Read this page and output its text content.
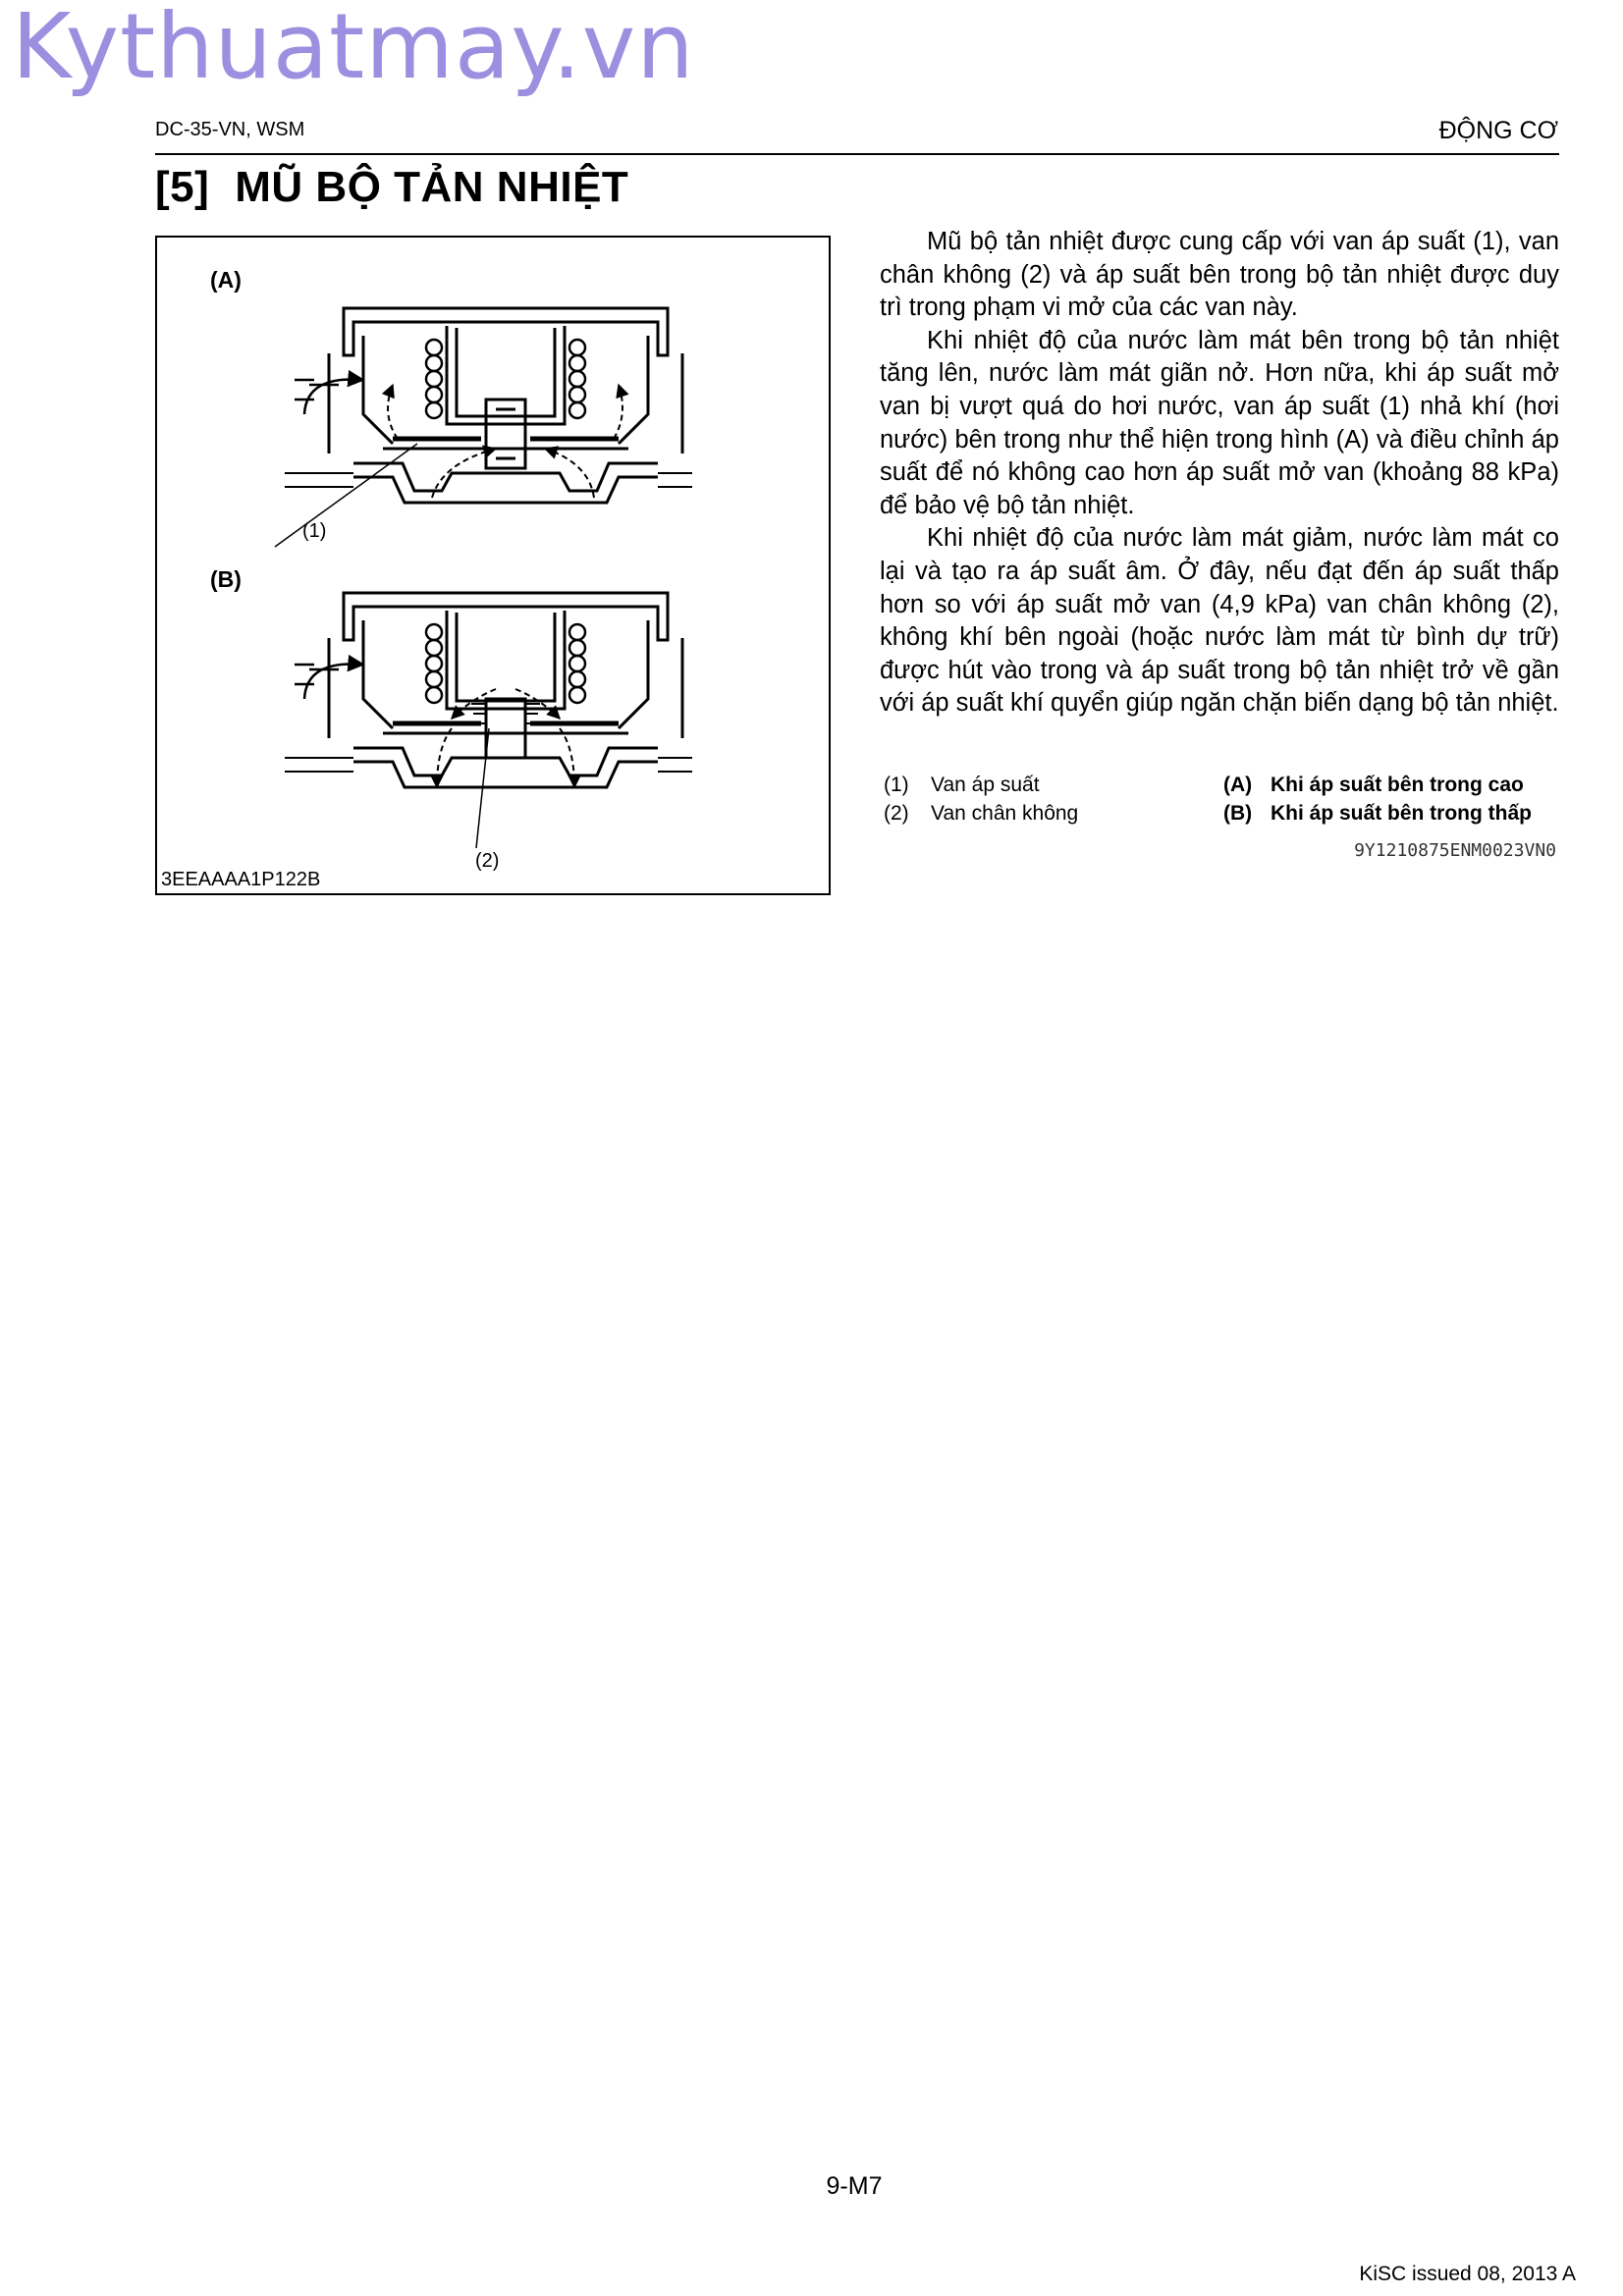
Kythuatmay.vn
DC-35-VN, WSM	ĐỘNG CƠ
[5] MŨ BỘ TẢN NHIỆT
(A)
(B)
(1)
(2)
3EEAAAA1P122B

Mũ bộ tản nhiệt được cung cấp với van áp suất (1), van chân không (2) và áp suất bên trong bộ tản nhiệt được duy trì trong phạm vi mở của các van này.

Khi nhiệt độ của nước làm mát bên trong bộ tản nhiệt tăng lên, nước làm mát giãn nở. Hơn nữa, khi áp suất mở van bị vượt quá do hơi nước, van áp suất (1) nhả khí (hơi nước) bên trong như thể hiện trong hình (A) và điều chỉnh áp suất để nó không cao hơn áp suất mở van (khoảng 88 kPa) để bảo vệ bộ tản nhiệt.

Khi nhiệt độ của nước làm mát giảm, nước làm mát co lại và tạo ra áp suất âm. Ở đây, nếu đạt đến áp suất thấp hơn so với áp suất mở van (4,9 kPa) van chân không (2), không khí bên ngoài (hoặc nước làm mát từ bình dự trữ) được hút vào trong và áp suất trong bộ tản nhiệt trở về gần với áp suất khí quyển giúp ngăn chặn biến dạng bộ tản nhiệt.

(1) Van áp suất
(2) Van chân không
(A) Khi áp suất bên trong cao
(B) Khi áp suất bên trong thấp
9Y1210875ENM0023VN0
9-M7
KiSC issued 08, 2013 A
